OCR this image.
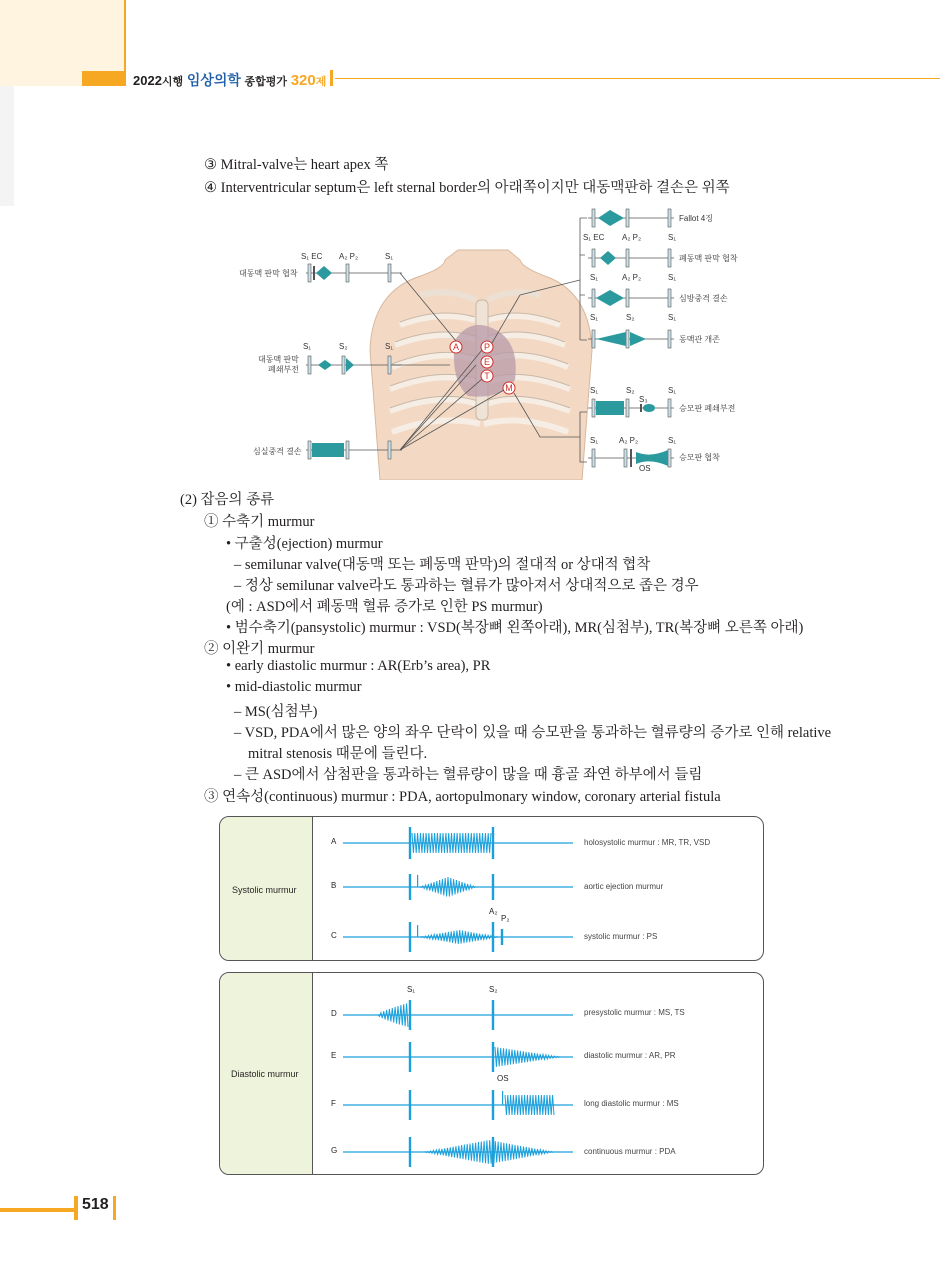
2022시행 임상의학 종합평가 320제
③ Mitral-valve는 heart apex 쪽
④ Interventricular septum은 left sternal border의 아래쪽이지만 대동맥판하 결손은 위쪽
A	P
E
T
M
대동맥 판막 협착
대동맥 판막
폐쇄부전
심실중격 결손
S₁ EC A₂ P₂	S₁
S₁	S₂	S₁
Fallot 4징
S₁ EC A₂ P₂	S₁
폐동맥 판막 협착
S₁	A₂ P₂	S₁
심방중격 결손
S₁	S₂	S₁
동맥관 개존
S₁	S₂
S₃
S₁
승모판 폐쇄부전
S₁	A₂ P₂	S₁
승모판 협착
OS
(2) 잡음의 종류
① 수축기 murmur
• 구출성(ejection) murmur
– semilunar valve(대동맥 또는 폐동맥 판막)의 절대적 or 상대적 협착
– 정상 semilunar valve라도 통과하는 혈류가 많아져서 상대적으로 좁은 경우
(예 : ASD에서 폐동맥 혈류 증가로 인한 PS murmur)
• 범수축기(pansystolic) murmur : VSD(복장뼈 왼쪽아래), MR(심첨부), TR(복장뼈 오른쪽 아래)
② 이완기 murmur
• early diastolic murmur : AR(Erb’s area), PR
• mid-diastolic murmur
– MS(심첨부)
– VSD, PDA에서 많은 양의 좌우 단락이 있을 때 승모판을 통과하는 혈류량의 증가로 인해 relative
mitral stenosis 때문에 들린다.
– 큰 ASD에서 삼첨판을 통과하는 혈류량이 많을 때 흉골 좌연 하부에서 들림
③ 연속성(continuous) murmur : PDA, aortopulmonary window, coronary arterial fistula
Systolic murmur
Diastolic murmur
A	holosystolic murmur : MR, TR, VSD
B	aortic ejection murmur
C	systolic murmur : PS
A₂
P₂
S₁	S₂
D	presystolic murmur : MS, TS
E	diastolic murmur : AR, PR
OS
F	long diastolic murmur : MS
G	continuous murmur : PDA
518
